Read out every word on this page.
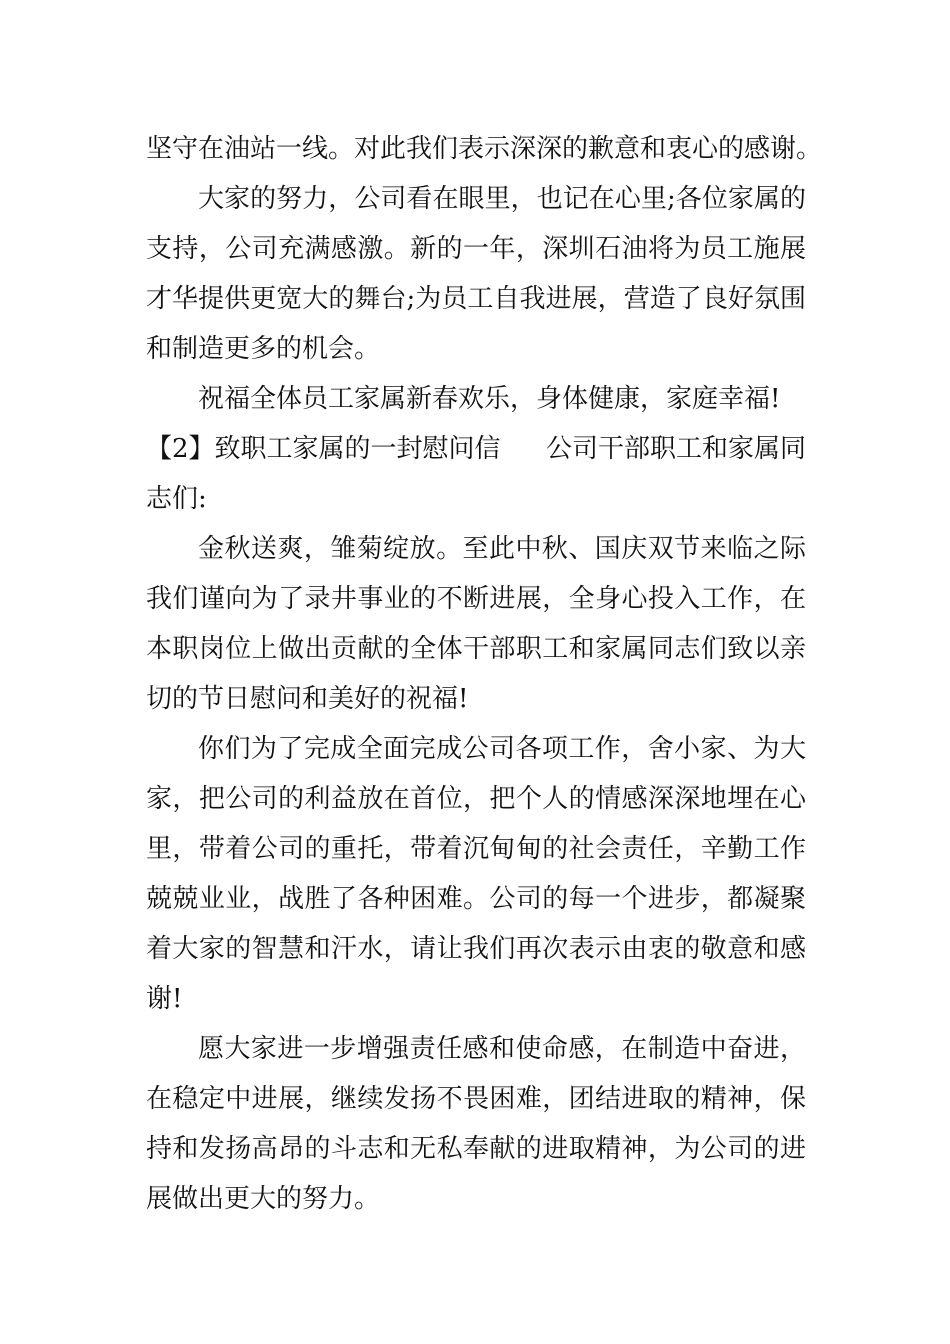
坚守在油站一线。对此我们表示深深的歉意和衷心的感谢。
大家的努力，公司看在眼里，也记在心里;各位家属的
支持，公司充满感激。新的一年，深圳石油将为员工施展
才华提供更宽大的舞台;为员工自我进展，营造了良好氛围
和制造更多的机会。
祝福全体员工家属新春欢乐，身体健康，家庭幸福!
【2】致职工家属的一封慰问信 公司干部职工和家属同
志们:
金秋送爽，雏菊绽放。至此中秋、国庆双节来临之际
我们谨向为了录井事业的不断进展，全身心投入工作，在
本职岗位上做出贡献的全体干部职工和家属同志们致以亲
切的节日慰问和美好的祝福!
你们为了完成全面完成公司各项工作，舍小家、为大
家，把公司的利益放在首位，把个人的情感深深地埋在心
里，带着公司的重托，带着沉甸甸的社会责任，辛勤工作
兢兢业业，战胜了各种困难。公司的每一个进步，都凝聚
着大家的智慧和汗水，请让我们再次表示由衷的敬意和感
谢!
愿大家进一步增强责任感和使命感，在制造中奋进，
在稳定中进展，继续发扬不畏困难，团结进取的精神，保
持和发扬高昂的斗志和无私奉献的进取精神，为公司的进
展做出更大的努力。
